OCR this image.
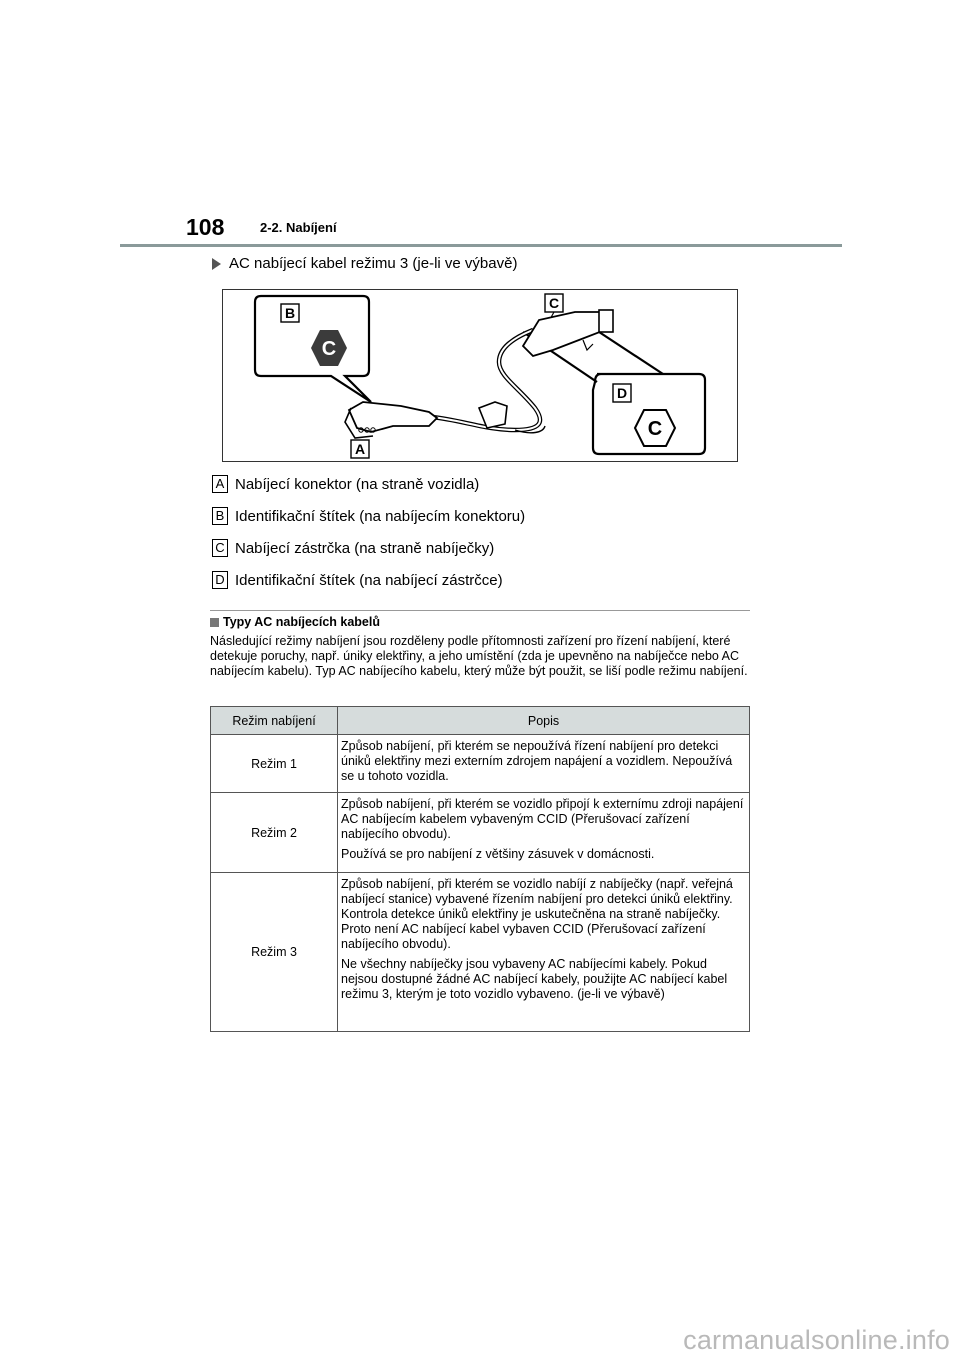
108	2-2. Nabíjení
AC nabíjecí kabel režimu 3 (je-li ve výbavě)
B
C
D
C
C
A
A Nabíjecí konektor (na straně vozidla)
B Identifikační štítek (na nabíjecím konektoru)
C Nabíjecí zástrčka (na straně nabíječky)
D Identifikační štítek (na nabíjecí zástrčce)
Typy AC nabíjecích kabelů
Následující režimy nabíjení jsou rozděleny podle přítomnosti zařízení pro řízení nabíjení, které detekuje poruchy, např. úniky elektřiny, a jeho umístění (zda je upevněno na nabíječce nebo AC nabíjecím kabelu). Typ AC nabíjecího kabelu, který může být použit, se liší podle režimu nabíjení.
Režim nabíjení	Popis
Režim 1	Způsob nabíjení, při kterém se nepoužívá řízení nabíjení pro detekci úniků elektřiny mezi externím zdrojem napájení a vozidlem. Nepoužívá se u tohoto vozidla.

Režim 2	Způsob nabíjení, při kterém se vozidlo připojí k externímu zdroji napájení AC nabíjecím kabelem vybaveným CCID (Přerušovací zařízení nabíjecího obvodu).

Používá se pro nabíjení z většiny zásuvek v domácnosti.

Režim 3	Způsob nabíjení, při kterém se vozidlo nabíjí z nabíječky (např. veřejná nabíjecí stanice) vybavené řízením nabíjení pro detekci úniků elektřiny. Kontrola detekce úniků elektřiny je uskutečněna na straně nabíječky. Proto není AC nabíjecí kabel vybaven CCID (Přerušovací zařízení nabíjecího obvodu).

Ne všechny nabíječky jsou vybaveny AC nabíjecími kabely. Pokud nejsou dostupné žádné AC nabíjecí kabely, použijte AC nabíjecí kabel režimu 3, kterým je toto vozidlo vybaveno. (je-li ve výbavě)

carmanualsonline.info
